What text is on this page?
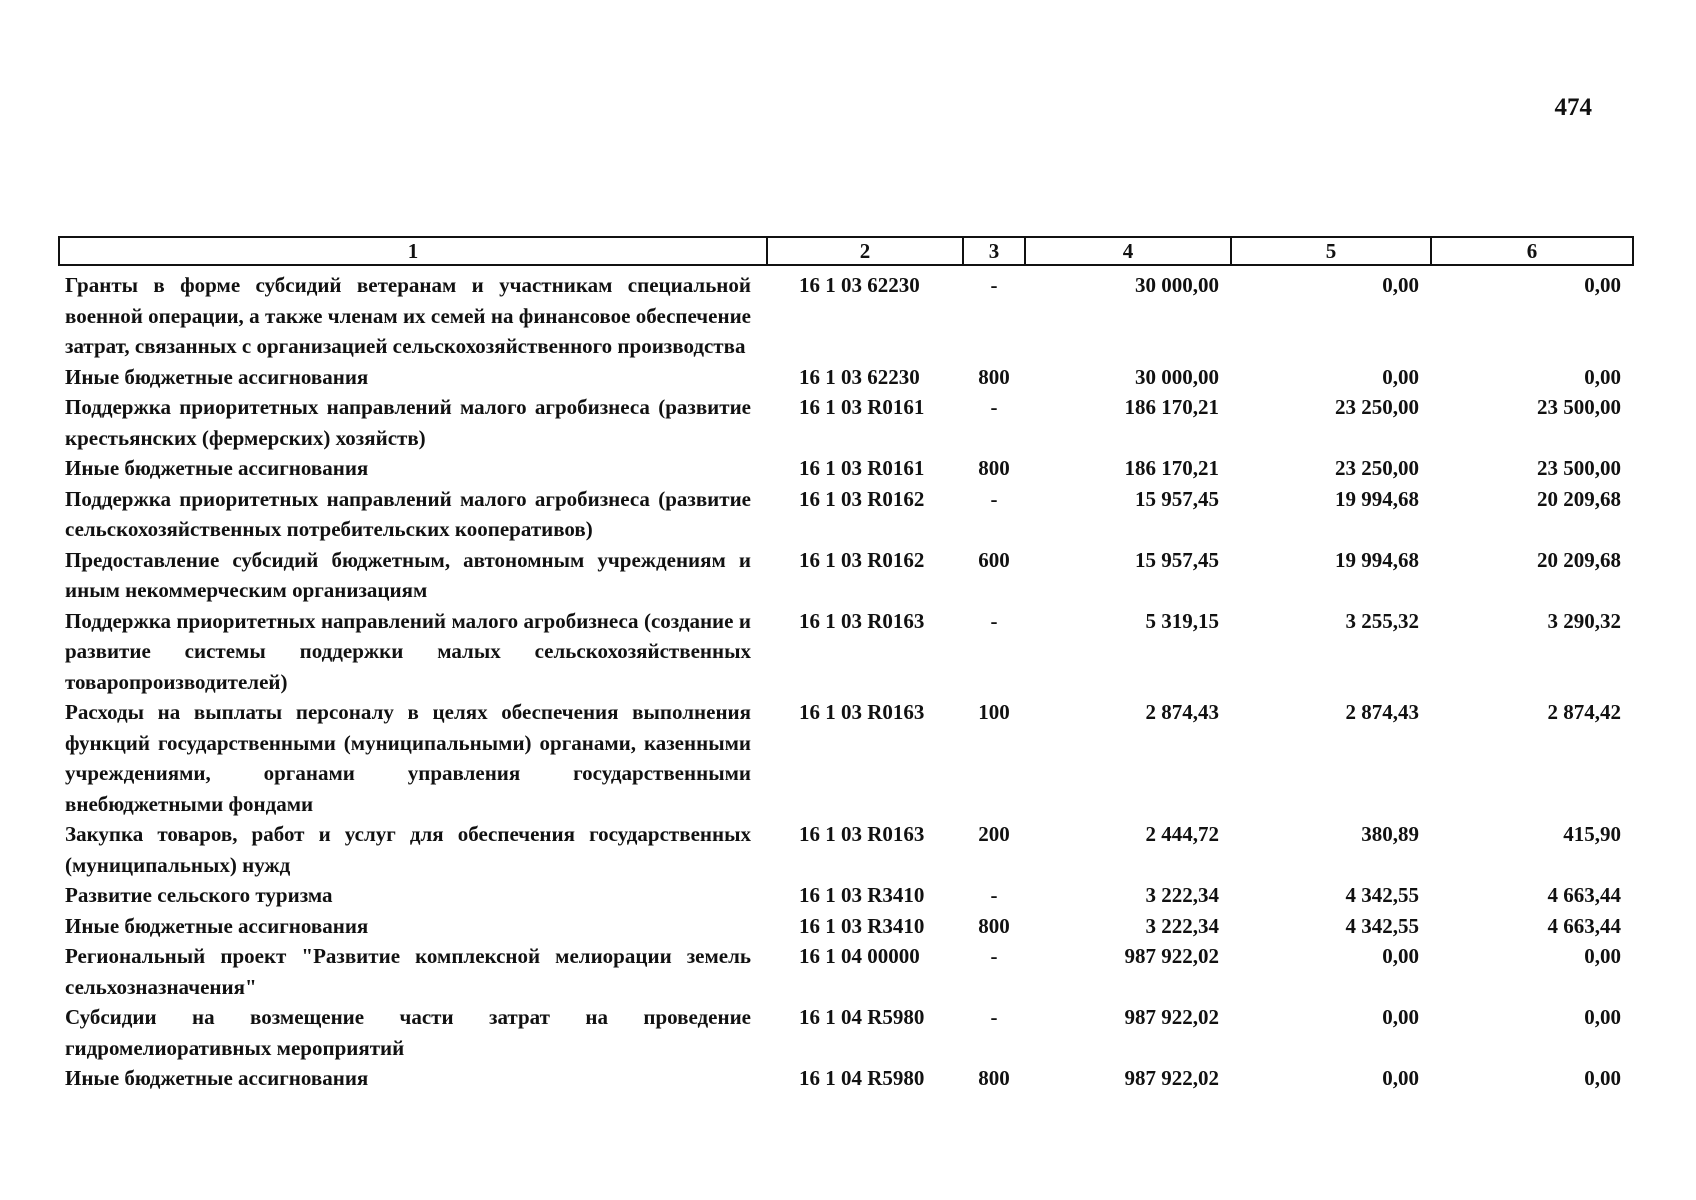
474
1	2	3	4	5	6
Гранты в форме субсидий ветеранам и участникам специальной военной операции, а также членам их семей на финансовое обеспечение затрат, связанных с организацией сельскохозяйственного производства	16 1 03 62230	-	30 000,00	0,00	0,00
Иные бюджетные ассигнования	16 1 03 62230	800	30 000,00	0,00	0,00
Поддержка приоритетных направлений малого агробизнеса (развитие крестьянских (фермерских) хозяйств)	16 1 03 R0161	-	186 170,21	23 250,00	23 500,00
Иные бюджетные ассигнования	16 1 03 R0161	800	186 170,21	23 250,00	23 500,00
Поддержка приоритетных направлений малого агробизнеса (развитие сельскохозяйственных потребительских кооперативов)	16 1 03 R0162	-	15 957,45	19 994,68	20 209,68
Предоставление субсидий бюджетным, автономным учреждениям и иным некоммерческим организациям	16 1 03 R0162	600	15 957,45	19 994,68	20 209,68
Поддержка приоритетных направлений малого агробизнеса (создание и развитие системы поддержки малых сельскохозяйственных товаропроизводителей)	16 1 03 R0163	-	5 319,15	3 255,32	3 290,32
Расходы на выплаты персоналу в целях обеспечения выполнения функций государственными (муниципальными) органами, казенными учреждениями, органами управления государственными внебюджетными фондами	16 1 03 R0163	100	2 874,43	2 874,43	2 874,42
Закупка товаров, работ и услуг для обеспечения государственных (муниципальных) нужд	16 1 03 R0163	200	2 444,72	380,89	415,90
Развитие сельского туризма	16 1 03 R3410	-	3 222,34	4 342,55	4 663,44
Иные бюджетные ассигнования	16 1 03 R3410	800	3 222,34	4 342,55	4 663,44
Региональный проект "Развитие комплексной мелиорации земель сельхозназначения"	16 1 04 00000	-	987 922,02	0,00	0,00
Субсидии на возмещение части затрат на проведение гидромелиоративных мероприятий	16 1 04 R5980	-	987 922,02	0,00	0,00
Иные бюджетные ассигнования	16 1 04 R5980	800	987 922,02	0,00	0,00
